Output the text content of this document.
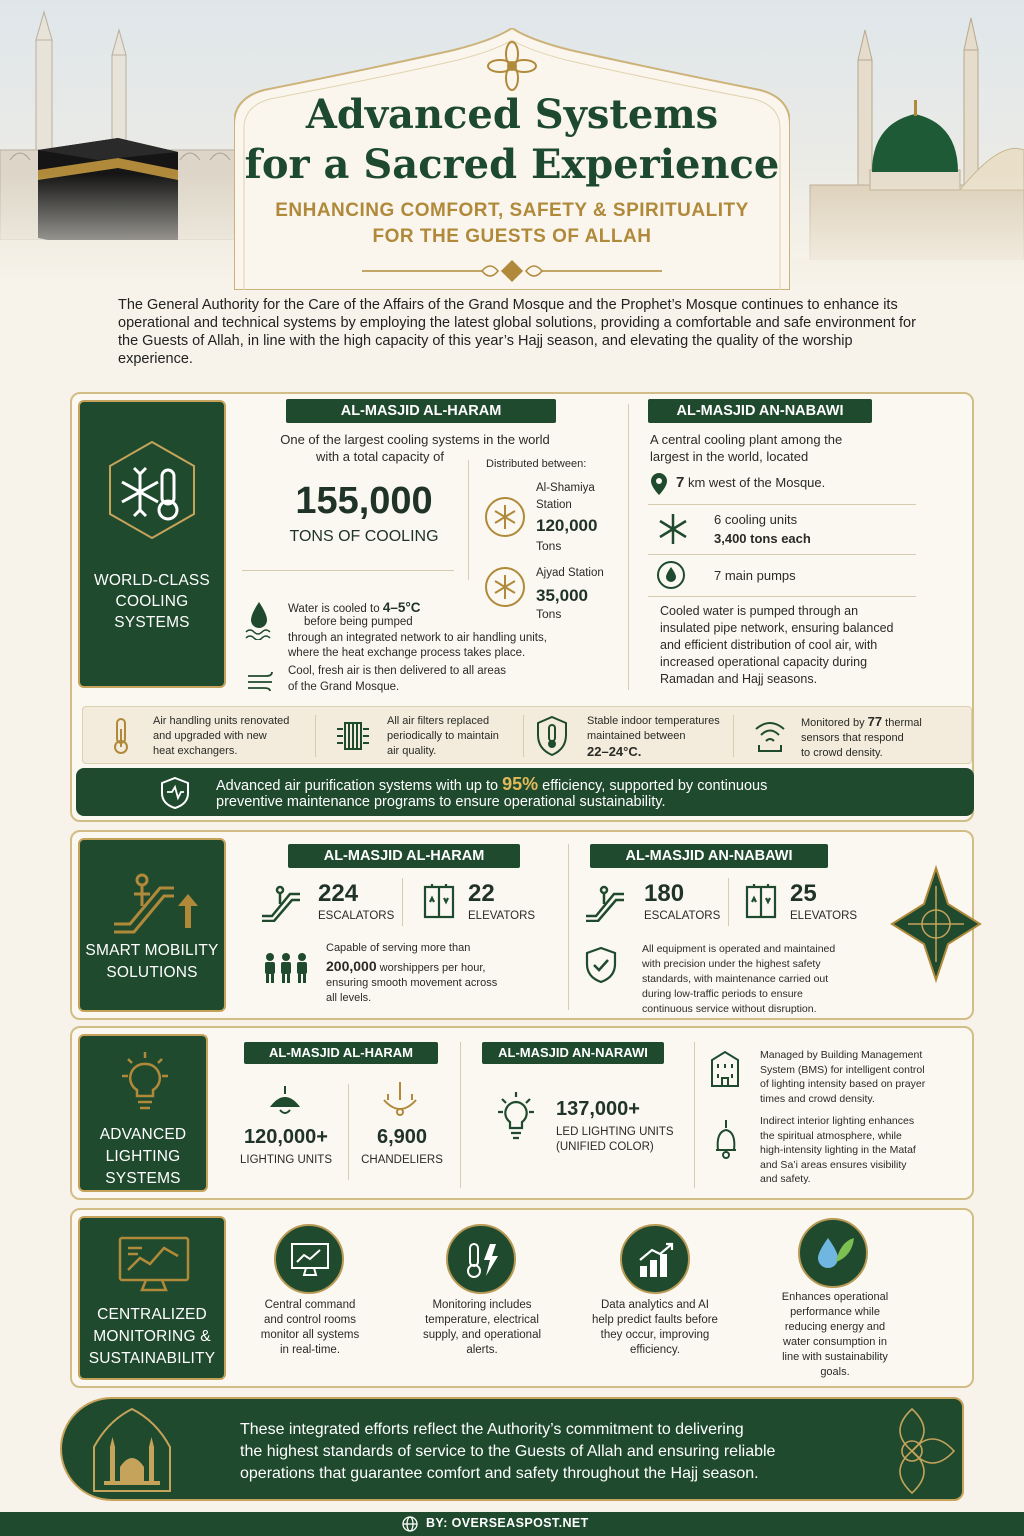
Advanced Systems
for a Sacred Experience
ENHANCING COMFORT, SAFETY & SPIRITUALITY
FOR THE GUESTS OF ALLAH

The General Authority for the Care of the Affairs of the Grand Mosque and the Prophet’s Mosque continues to enhance its operational and technical systems by employing the latest global solutions, providing a comfortable and safe environment for the Guests of Allah, in line with the high capacity of this year’s Hajj season, and elevating the quality of the worship experience.

WORLD-CLASS
COOLING SYSTEMS
AL-MASJID AL-HARAM
One of the largest cooling systems in the world
with a total capacity of
155,000
TONS OF COOLING
Distributed between:
Al-Shamiya
Station
120,000
Tons
Ajyad Station
35,000
Tons
Water is cooled to 4–5°C
before being pumped
through an integrated network to air handling units,
where the heat exchange process takes place.
Cool, fresh air is then delivered to all areas
of the Grand Mosque.
AL-MASJID AN-NABAWI
A central cooling plant among the
largest in the world, located
7 km west of the Mosque.
6 cooling units
3,400 tons each
7 main pumps
Cooled water is pumped through an
insulated pipe network, ensuring balanced
and efficient distribution of cool air, with
increased operational capacity during
Ramadan and Hajj seasons.
Air handling units renovated
and upgraded with new
heat exchangers.
All air filters replaced
periodically to maintain
air quality.
Stable indoor temperatures
maintained between
22–24°C.
Monitored by 77 thermal
sensors that respond
to crowd density.
Advanced air purification systems with up to 95% efficiency, supported by continuous
preventive maintenance programs to ensure operational sustainability.
SMART MOBILITY
SOLUTIONS
AL-MASJID AL-HARAM
224
ESCALATORS
22
ELEVATORS
Capable of serving more than
200,000 worshippers per hour,
ensuring smooth movement across
all levels.
AL-MASJID AN-NABAWI
180
ESCALATORS
25
ELEVATORS
All equipment is operated and maintained
with precision under the highest safety
standards, with maintenance carried out
during low-traffic periods to ensure
continuous service without disruption.
ADVANCED
LIGHTING
SYSTEMS
AL-MASJID AL-HARAM
120,000+
LIGHTING UNITS
6,900
CHANDELIERS
AL-MASJID AN-NARAWI
137,000+
LED LIGHTING UNITS
(UNIFIED COLOR)
Managed by Building Management
System (BMS) for intelligent control
of lighting intensity based on prayer
times and crowd density.
Indirect interior lighting enhances
the spiritual atmosphere, while
high-intensity lighting in the Mataf
and Sa’i areas ensures visibility
and safety.
CENTRALIZED
MONITORING &
SUSTAINABILITY
Central command
and control rooms
monitor all systems
in real-time.
Monitoring includes
temperature, electrical
supply, and operational
alerts.
Data analytics and AI
help predict faults before
they occur, improving
efficiency.
Enhances operational
performance while
reducing energy and
water consumption in
line with sustainability
goals.
These integrated efforts reflect the Authority’s commitment to delivering
the highest standards of service to the Guests of Allah and ensuring reliable
operations that guarantee comfort and safety throughout the Hajj season.
BY: OVERSEASPOST.NET
